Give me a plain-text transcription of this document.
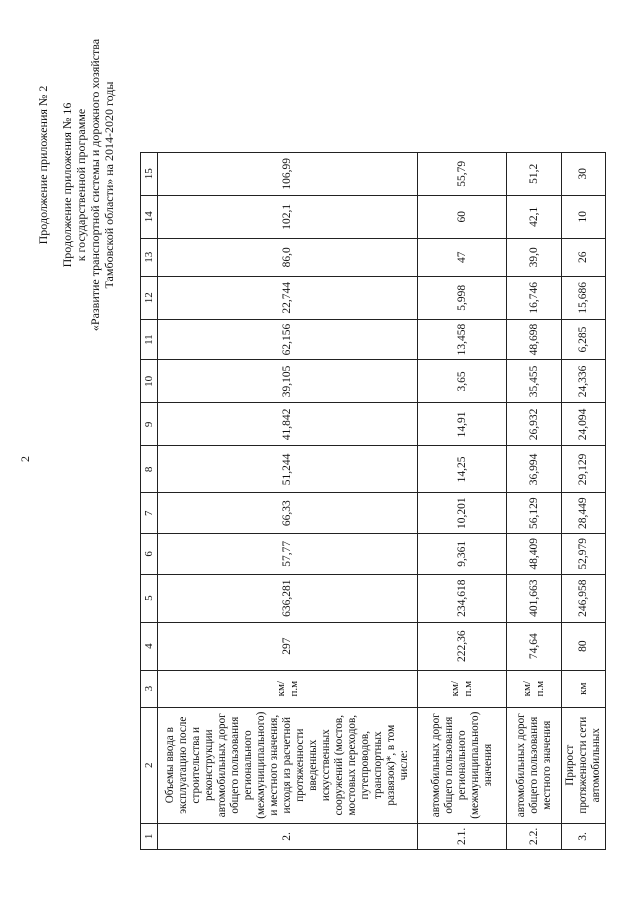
2
Продолжение приложения № 2 Продолжение приложения № 16 к государственной программе «Развитие транспортной системы и дорожного хозяйства Тамбовской области» на 2014-2020 годы
1	2	3	4	5	6	7	8	9	10	11	12	13	14	15
2.	Объемы ввода в эксплуатацию после строительства и реконструкции автомобильных дорог общего пользования регионального (межмуниципального) и местного значения, исходя из расчетной протяженности введенных искусственных сооружений (мостов, мостовых переходов, путепроводов, транспортных развязок)*, в том числе:	км/ п.м	297	636,281	57,77	66,33	51,244	41,842	39,105	62,156	22,744	86,0	102,1	106,99
2.1.	автомобильных дорог общего пользования регионального (межмуниципального) значения	км/ п.м	222,36	234,618	9,361	10,201	14,25	14,91	3,65	13,458	5,998	47	60	55,79
2.2.	автомобильных дорог общего пользования местного значения	км/ п.м	74,64	401,663	48,409	56,129	36,994	26,932	35,455	48,698	16,746	39,0	42,1	51,2
3.	Прирост протяженности сети автомобильных	км	80	246,958	52,979	28,449	29,129	24,094	24,336	6,285	15,686	26	10	30
